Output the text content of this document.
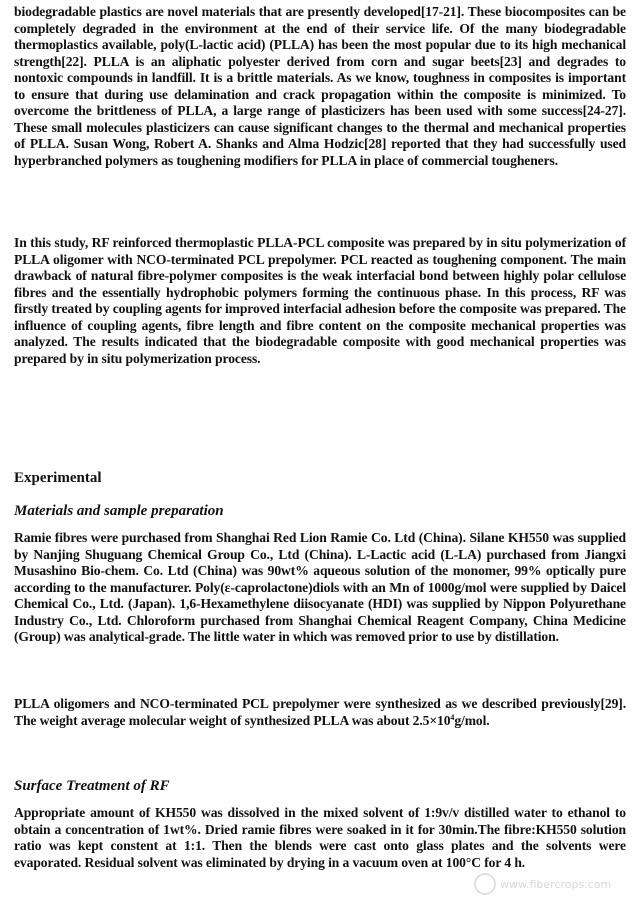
biodegradable plastics are novel materials that are presently developed[17-21]. These biocomposites can be completely degraded in the environment at the end of their service life. Of the many biodegradable thermoplastics available, poly(L-lactic acid) (PLLA) has been the most popular due to its high mechanical strength[22]. PLLA is an aliphatic polyester derived from corn and sugar beets[23] and degrades to nontoxic compounds in landfill. It is a brittle materials. As we know, toughness in composites is important to ensure that during use delamination and crack propagation within the composite is minimized. To overcome the brittleness of PLLA, a large range of plasticizers has been used with some success[24-27]. These small molecules plasticizers can cause significant changes to the thermal and mechanical properties of PLLA. Susan Wong, Robert A. Shanks and Alma Hodzic[28] reported that they had successfully used hyperbranched polymers as toughening modifiers for PLLA in place of commercial tougheners.

In this study, RF reinforced thermoplastic PLLA-PCL composite was prepared by in situ polymerization of PLLA oligomer with NCO-terminated PCL prepolymer. PCL reacted as toughening component. The main drawback of natural fibre-polymer composites is the weak interfacial bond between highly polar cellulose fibres and the essentially hydrophobic polymers forming the continuous phase. In this process, RF was firstly treated by coupling agents for improved interfacial adhesion before the composite was prepared. The influence of coupling agents, fibre length and fibre content on the composite mechanical properties was analyzed. The results indicated that the biodegradable composite with good mechanical properties was prepared by in situ polymerization process.

Experimental
Materials and sample preparation

Ramie fibres were purchased from Shanghai Red Lion Ramie Co. Ltd (China). Silane KH550 was supplied by Nanjing Shuguang Chemical Group Co., Ltd (China). L-Lactic acid (L-LA) purchased from Jiangxi Musashino Bio-chem. Co. Ltd (China) was 90wt% aqueous solution of the monomer, 99% optically pure according to the manufacturer. Poly(ε-caprolactone)diols with an Mn of 1000g/mol were supplied by Daicel Chemical Co., Ltd. (Japan). 1,6-Hexamethylene diisocyanate (HDI) was supplied by Nippon Polyurethane Industry Co., Ltd. Chloroform purchased from Shanghai Chemical Reagent Company, China Medicine (Group) was analytical-grade. The little water in which was removed prior to use by distillation.

PLLA oligomers and NCO-terminated PCL prepolymer were synthesized as we described previously[29]. The weight average molecular weight of synthesized PLLA was about $2.5\times 10^4g$/mol.

Surface Treatment of RF

Appropriate amount of KH550 was dissolved in the mixed solvent of 1:9v/v distilled water to ethanol to obtain a concentration of 1wt%. Dried ramie fibres were soaked in it for 30min.The fibre:KH550 solution ratio was kept constent at 1:1. Then the blends were cast onto glass plates and the solvents were evaporated. Residual solvent was eliminated by drying in a vacuum oven at 100°C for 4 h.

www.fibercrops.com
